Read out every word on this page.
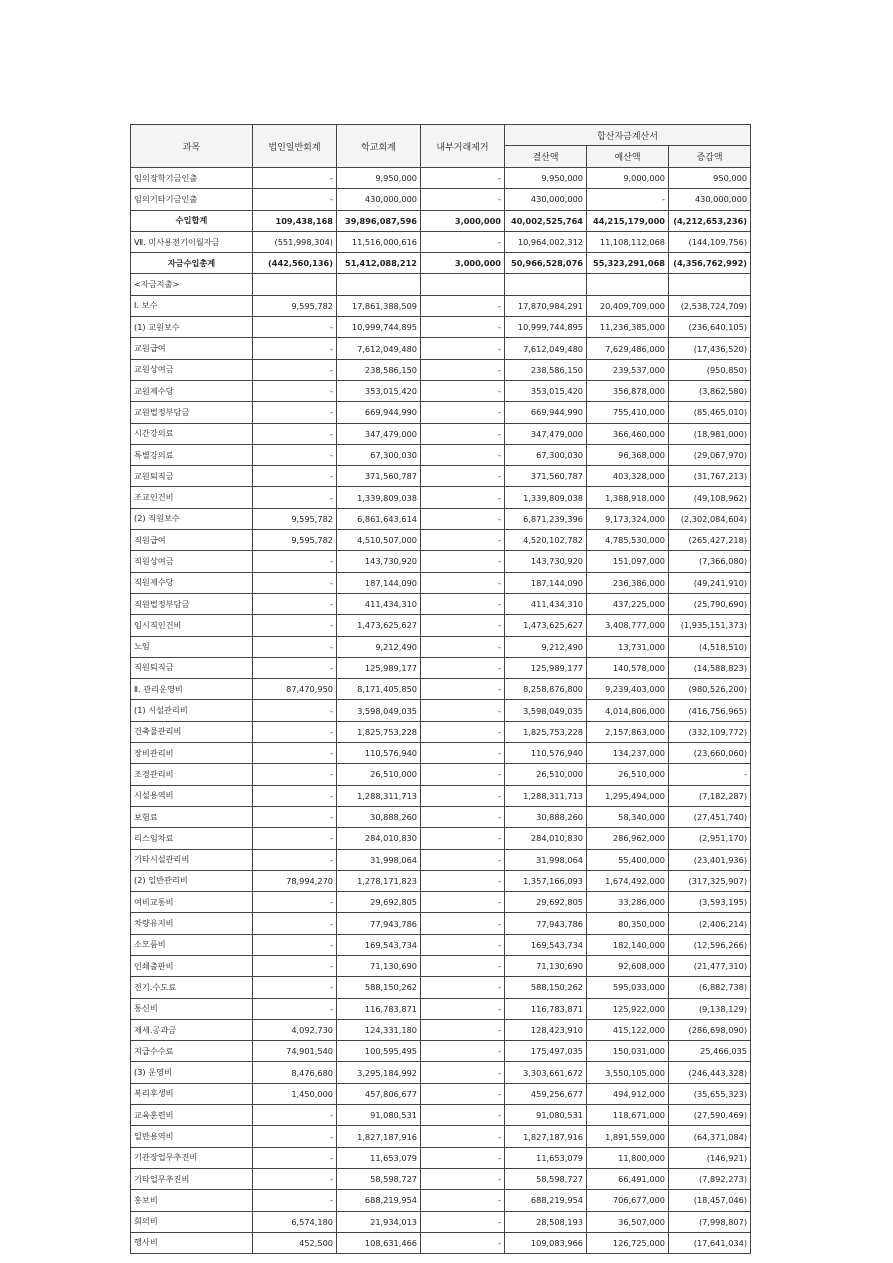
과목	법인일반회계	학교회계	내부거래제거	합산자금계산서		
				결산액	예산액	증감액
임의장학기금인출	-	9,950,000	-	9,950,000	9,000,000	950,000
임의기타기금인출	-	430,000,000	-	430,000,000	-	430,000,000
수입합계	109,438,168	39,896,087,596	3,000,000	40,002,525,764	44,215,179,000	(4,212,653,236)
Ⅶ. 미사용전기이월자금	(551,998,304)	11,516,000,616	-	10,964,002,312	11,108,112,068	(144,109,756)
자금수입총계	(442,560,136)	51,412,088,212	3,000,000	50,966,528,076	55,323,291,068	(4,356,762,992)
<자금지출>						
Ⅰ. 보수	9,595,782	17,861,388,509	-	17,870,984,291	20,409,709,000	(2,538,724,709)
(1) 교원보수	-	10,999,744,895	-	10,999,744,895	11,236,385,000	(236,640,105)
교원급여	-	7,612,049,480	-	7,612,049,480	7,629,486,000	(17,436,520)
교원상여금	-	238,586,150	-	238,586,150	239,537,000	(950,850)
교원제수당	-	353,015,420	-	353,015,420	356,878,000	(3,862,580)
교원법정부담금	-	669,944,990	-	669,944,990	755,410,000	(85,465,010)
시간강의료	-	347,479,000	-	347,479,000	366,460,000	(18,981,000)
특별강의료	-	67,300,030	-	67,300,030	96,368,000	(29,067,970)
교원퇴직금	-	371,560,787	-	371,560,787	403,328,000	(31,767,213)
조교인건비	-	1,339,809,038	-	1,339,809,038	1,388,918,000	(49,108,962)
(2) 직원보수	9,595,782	6,861,643,614	-	6,871,239,396	9,173,324,000	(2,302,084,604)
직원급여	9,595,782	4,510,507,000	-	4,520,102,782	4,785,530,000	(265,427,218)
직원상여금	-	143,730,920	-	143,730,920	151,097,000	(7,366,080)
직원제수당	-	187,144,090	-	187,144,090	236,386,000	(49,241,910)
직원법정부담금	-	411,434,310	-	411,434,310	437,225,000	(25,790,690)
임시직인건비	-	1,473,625,627	-	1,473,625,627	3,408,777,000	(1,935,151,373)
노임	-	9,212,490	-	9,212,490	13,731,000	(4,518,510)
직원퇴직금	-	125,989,177	-	125,989,177	140,578,000	(14,588,823)
Ⅱ. 관리운영비	87,470,950	8,171,405,850	-	8,258,876,800	9,239,403,000	(980,526,200)
(1) 시설관리비	-	3,598,049,035	-	3,598,049,035	4,014,806,000	(416,756,965)
건축물관리비	-	1,825,753,228	-	1,825,753,228	2,157,863,000	(332,109,772)
장비관리비	-	110,576,940	-	110,576,940	134,237,000	(23,660,060)
조경관리비	-	26,510,000	-	26,510,000	26,510,000	-
시설용역비	-	1,288,311,713	-	1,288,311,713	1,295,494,000	(7,182,287)
보험료	-	30,888,260	-	30,888,260	58,340,000	(27,451,740)
리스임차료	-	284,010,830	-	284,010,830	286,962,000	(2,951,170)
기타시설관리비	-	31,998,064	-	31,998,064	55,400,000	(23,401,936)
(2) 일반관리비	78,994,270	1,278,171,823	-	1,357,166,093	1,674,492,000	(317,325,907)
여비교통비	-	29,692,805	-	29,692,805	33,286,000	(3,593,195)
차량유지비	-	77,943,786	-	77,943,786	80,350,000	(2,406,214)
소모품비	-	169,543,734	-	169,543,734	182,140,000	(12,596,266)
인쇄출판비	-	71,130,690	-	71,130,690	92,608,000	(21,477,310)
전기.수도료	-	588,150,262	-	588,150,262	595,033,000	(6,882,738)
통신비	-	116,783,871	-	116,783,871	125,922,000	(9,138,129)
제세.공과금	4,092,730	124,331,180	-	128,423,910	415,122,000	(286,698,090)
지급수수료	74,901,540	100,595,495	-	175,497,035	150,031,000	25,466,035
(3) 운영비	8,476,680	3,295,184,992	-	3,303,661,672	3,550,105,000	(246,443,328)
복리후생비	1,450,000	457,806,677	-	459,256,677	494,912,000	(35,655,323)
교육훈련비	-	91,080,531	-	91,080,531	118,671,000	(27,590,469)
일반용역비	-	1,827,187,916	-	1,827,187,916	1,891,559,000	(64,371,084)
기관장업무추진비	-	11,653,079	-	11,653,079	11,800,000	(146,921)
기타업무추진비	-	58,598,727	-	58,598,727	66,491,000	(7,892,273)
홍보비	-	688,219,954	-	688,219,954	706,677,000	(18,457,046)
회의비	6,574,180	21,934,013	-	28,508,193	36,507,000	(7,998,807)
행사비	452,500	108,631,466	-	109,083,966	126,725,000	(17,641,034)
